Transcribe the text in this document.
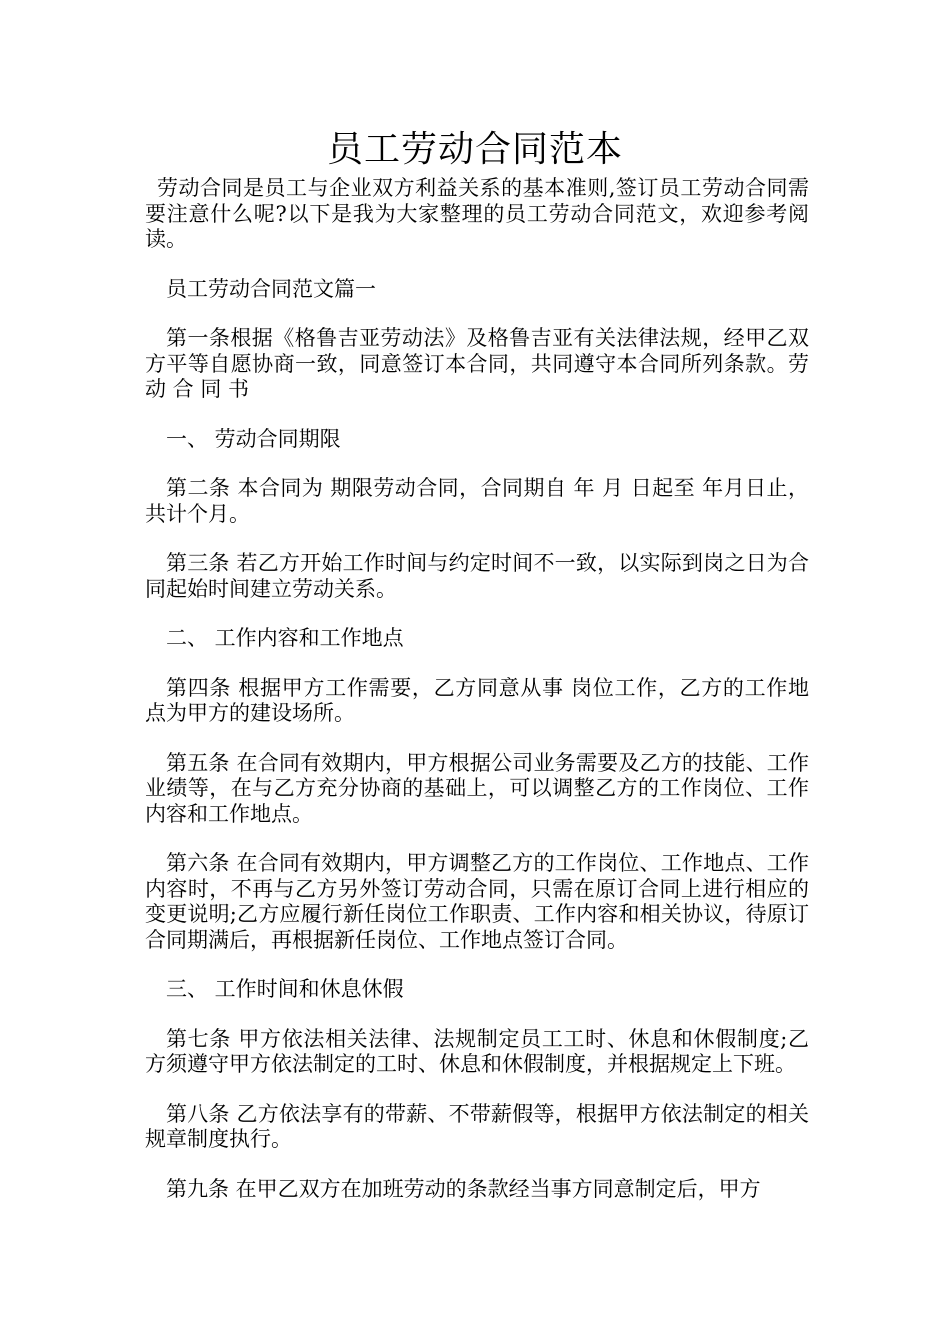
员工劳动合同范本

劳动合同是员工与企业双方利益关系的基本准则,签订员工劳动合同需要注意什么呢?以下是我为大家整理的员工劳动合同范文，欢迎参考阅读。

员工劳动合同范文篇一

第一条根据《格鲁吉亚劳动法》及格鲁吉亚有关法律法规，经甲乙双方平等自愿协商一致，同意签订本合同，共同遵守本合同所列条款。劳 动 合 同 书

一、 劳动合同期限

第二条 本合同为 期限劳动合同，合同期自 年 月 日起至 年月日止，共计个月。

第三条 若乙方开始工作时间与约定时间不一致，以实际到岗之日为合同起始时间建立劳动关系。

二、 工作内容和工作地点

第四条 根据甲方工作需要，乙方同意从事 岗位工作，乙方的工作地点为甲方的建设场所。

第五条 在合同有效期内，甲方根据公司业务需要及乙方的技能、工作业绩等，在与乙方充分协商的基础上，可以调整乙方的工作岗位、工作内容和工作地点。

第六条 在合同有效期内，甲方调整乙方的工作岗位、工作地点、工作内容时，不再与乙方另外签订劳动合同，只需在原订合同上进行相应的变更说明;乙方应履行新任岗位工作职责、工作内容和相关协议，待原订合同期满后，再根据新任岗位、工作地点签订合同。

三、 工作时间和休息休假

第七条 甲方依法相关法律、法规制定员工工时、休息和休假制度;乙方须遵守甲方依法制定的工时、休息和休假制度，并根据规定上下班。

第八条 乙方依法享有的带薪、不带薪假等，根据甲方依法制定的相关规章制度执行。

第九条 在甲乙双方在加班劳动的条款经当事方同意制定后，甲方
